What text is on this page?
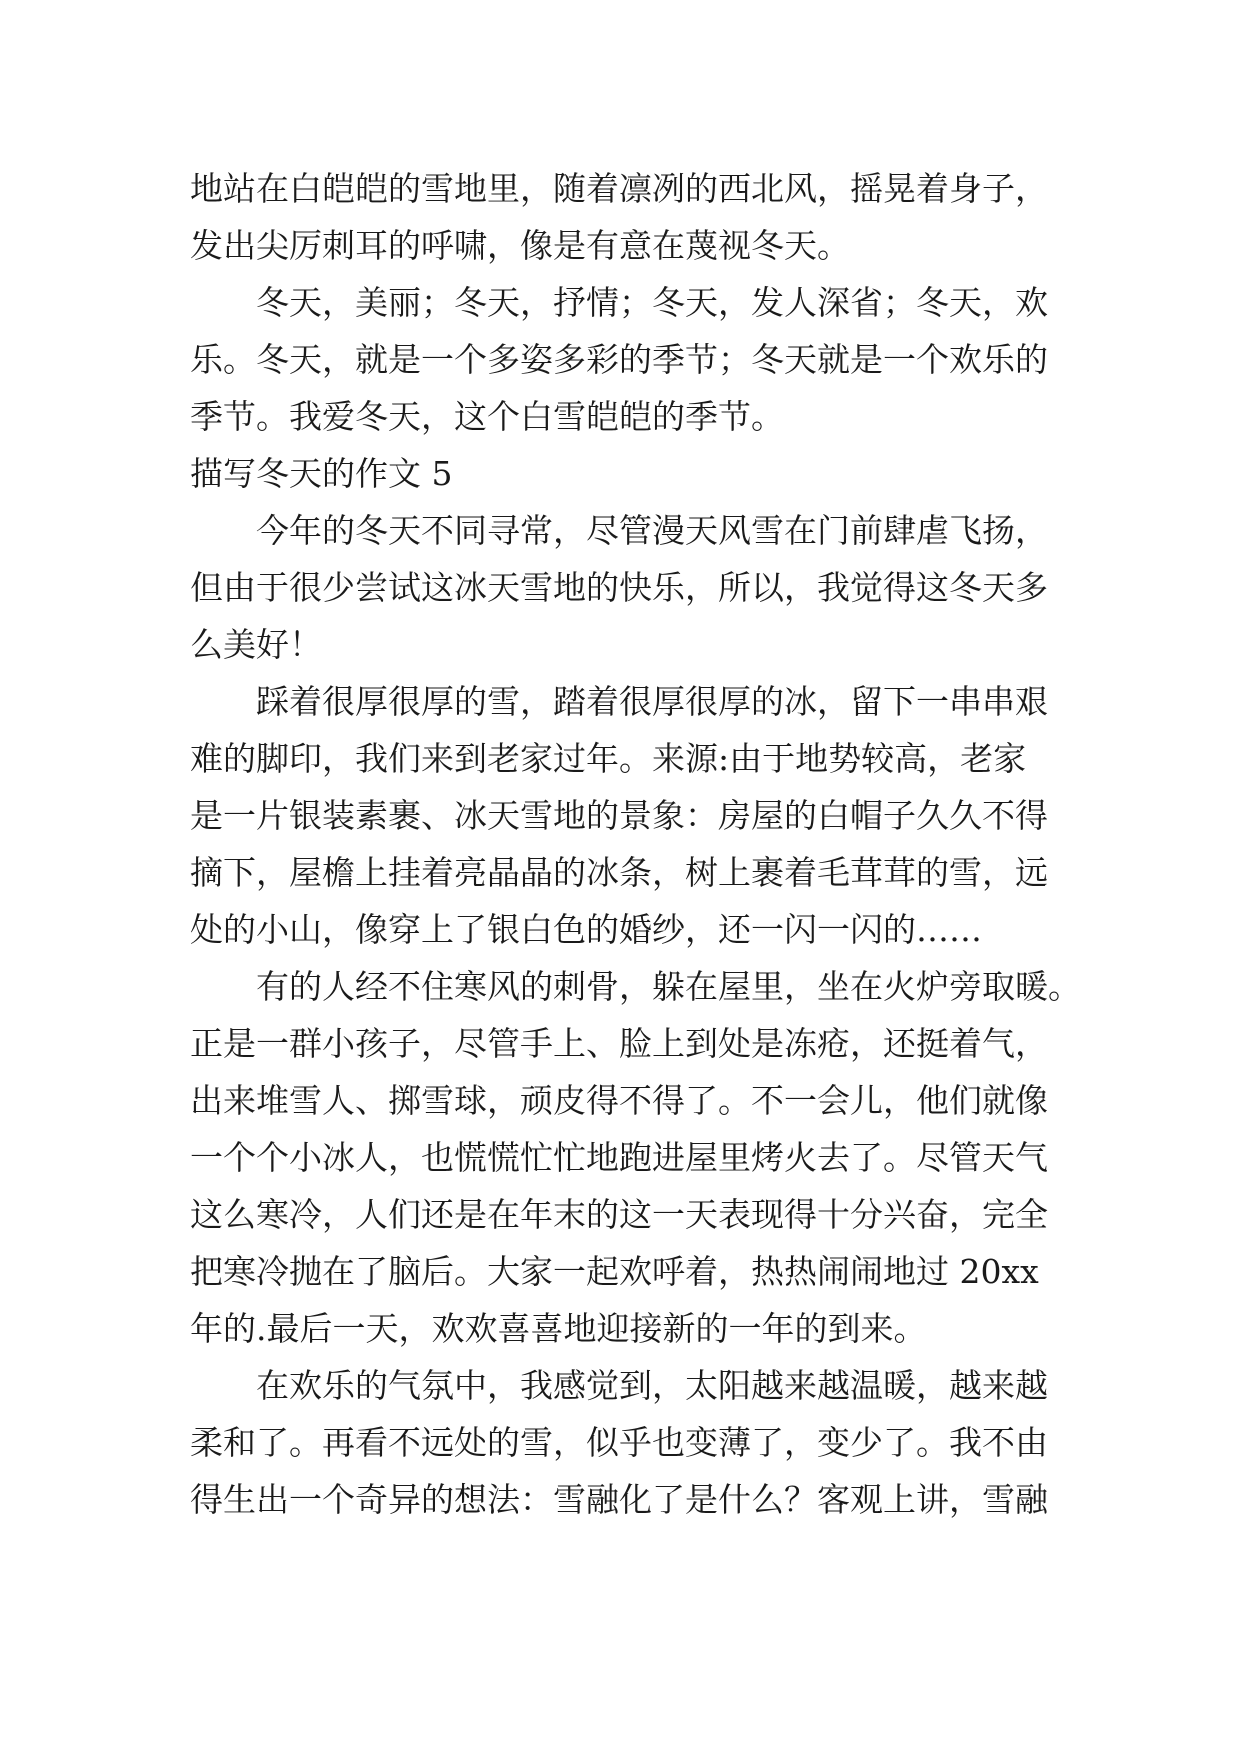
地站在白皑皑的雪地里，随着凛冽的西北风，摇晃着身子，
发出尖厉刺耳的呼啸，像是有意在蔑视冬天。
冬天，美丽；冬天，抒情；冬天，发人深省；冬天，欢
乐。冬天，就是一个多姿多彩的季节；冬天就是一个欢乐的
季节。我爱冬天，这个白雪皑皑的季节。
描写冬天的作文 5
今年的冬天不同寻常，尽管漫天风雪在门前肆虐飞扬，
但由于很少尝试这冰天雪地的快乐，所以，我觉得这冬天多
么美好！
踩着很厚很厚的雪，踏着很厚很厚的冰，留下一串串艰
难的脚印，我们来到老家过年。来源:由于地势较高，老家
是一片银装素裹、冰天雪地的景象：房屋的白帽子久久不得
摘下，屋檐上挂着亮晶晶的冰条，树上裹着毛茸茸的雪，远
处的小山，像穿上了银白色的婚纱，还一闪一闪的……
有的人经不住寒风的刺骨，躲在屋里，坐在火炉旁取暖。
正是一群小孩子，尽管手上、脸上到处是冻疮，还挺着气，
出来堆雪人、掷雪球，顽皮得不得了。不一会儿，他们就像
一个个小冰人，也慌慌忙忙地跑进屋里烤火去了。尽管天气
这么寒冷，人们还是在年末的这一天表现得十分兴奋，完全
把寒冷抛在了脑后。大家一起欢呼着，热热闹闹地过 20xx
年的.最后一天，欢欢喜喜地迎接新的一年的到来。
在欢乐的气氛中，我感觉到，太阳越来越温暖，越来越
柔和了。再看不远处的雪，似乎也变薄了，变少了。我不由
得生出一个奇异的想法：雪融化了是什么？客观上讲，雪融
